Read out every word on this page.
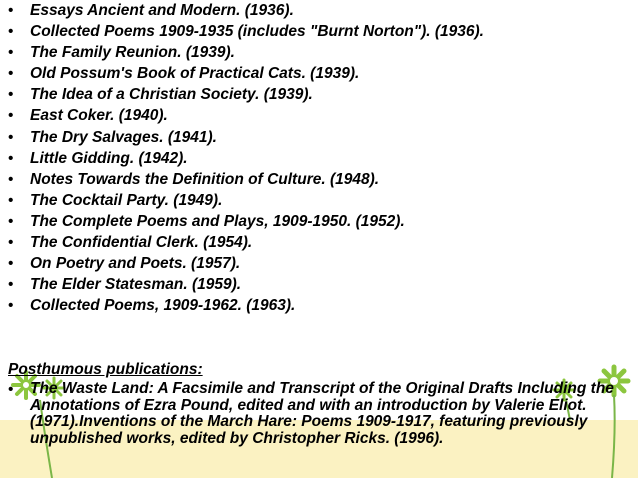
• Essays Ancient and Modern. (1936).
• Collected Poems 1909-1935 (includes "Burnt Norton"). (1936).
• The Family Reunion. (1939).
• Old Possum's Book of Practical Cats. (1939).
• The Idea of a Christian Society. (1939).
• East Coker. (1940).
• The Dry Salvages. (1941).
• Little Gidding. (1942).
• Notes Towards the Definition of Culture. (1948).
• The Cocktail Party. (1949).
• The Complete Poems and Plays, 1909-1950. (1952).
• The Confidential Clerk. (1954).
• On Poetry and Poets. (1957).
• The Elder Statesman. (1959).
• Collected Poems, 1909-1962. (1963).
Posthumous publications:
•	The Waste Land: A Facsimile and Transcript of the Original Drafts Including the Annotations of Ezra Pound, edited and with an introduction by Valerie Eliot. (1971).Inventions of the March Hare: Poems 1909-1917, featuring previously unpublished works, edited by Christopher Ricks. (1996).
